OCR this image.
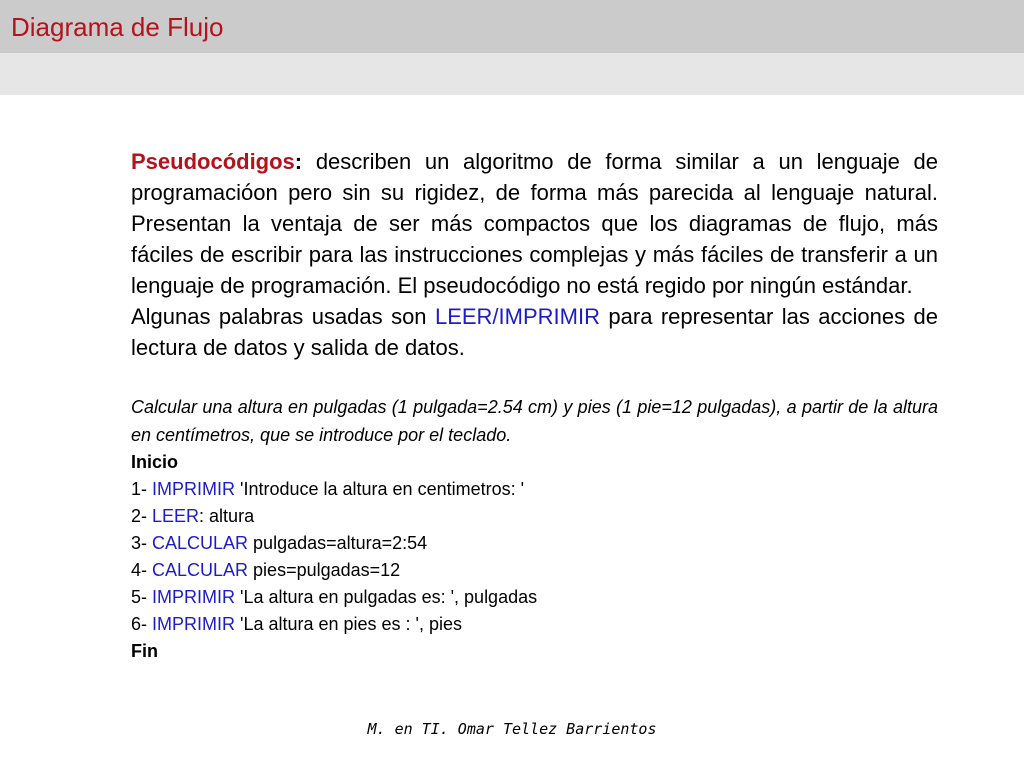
Diagrama de Flujo

Pseudocódigos: describen un algoritmo de forma similar a un lenguaje de programacióon pero sin su rigidez, de forma más parecida al lenguaje natural. Presentan la ventaja de ser más compactos que los diagramas de flujo, más fáciles de escribir para las instrucciones complejas y más fáciles de transferir a un lenguaje de programación. El pseudocódigo no está regido por ningún estándar.

Algunas palabras usadas son LEER/IMPRIMIR para representar las acciones de lectura de datos y salida de datos.

Calcular una altura en pulgadas (1 pulgada=2.54 cm) y pies (1 pie=12 pulgadas), a partir de la altura en centímetros, que se introduce por el teclado.
Inicio
1- IMPRIMIR 'Introduce la altura en centimetros: '
2- LEER: altura
3- CALCULAR pulgadas=altura=2:54
4- CALCULAR pies=pulgadas=12
5- IMPRIMIR 'La altura en pulgadas es: ', pulgadas
6- IMPRIMIR 'La altura en pies es : ', pies
Fin
M. en TI. Omar Tellez Barrientos
